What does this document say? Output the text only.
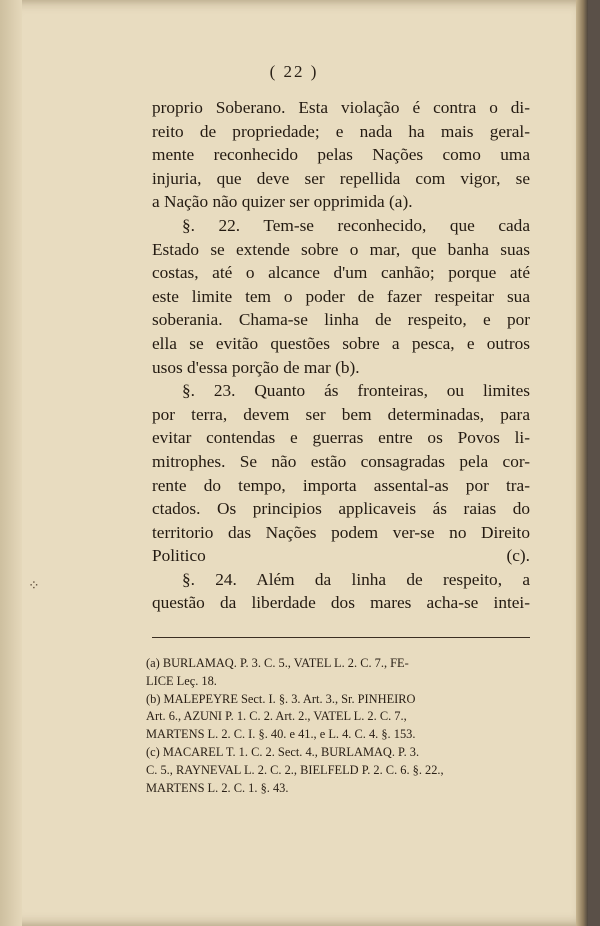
⁘
( 22 )
proprio Soberano. Esta violação é contra o di-
reito de propriedade; e nada ha mais geral-
mente reconhecido pelas Nações como uma
injuria, que deve ser repellida com vigor, se
a Nação não quizer ser opprimida (a).
§. 22. Tem-se reconhecido, que cada
Estado se extende sobre o mar, que banha suas
costas, até o alcance d'um canhão; porque até
este limite tem o poder de fazer respeitar sua
soberania. Chama-se linha de respeito, e por
ella se evitão questões sobre a pesca, e outros
usos d'essa porção de mar (b).
§. 23. Quanto ás fronteiras, ou limites
por terra, devem ser bem determinadas, para
evitar contendas e guerras entre os Povos li-
mitrophes. Se não estão consagradas pela cor-
rente do tempo, importa assental-as por tra-
ctados. Os principios applicaveis ás raias do
territorio das Nações podem ver-se no Direito
Politico (c).
§. 24. Além da linha de respeito, a
questão da liberdade dos mares acha-se intei-
(a) BURLAMAQ. P. 3. C. 5., VATEL L. 2. C. 7., FE-
LICE Leç. 18.
(b) MALEPEYRE Sect. I. §. 3. Art. 3., Sr. PINHEIRO
Art. 6., AZUNI P. 1. C. 2. Art. 2., VATEL L. 2. C. 7.,
MARTENS L. 2. C. I. §. 40. e 41., e L. 4. C. 4. §. 153.
(c) MACAREL T. 1. C. 2. Sect. 4., BURLAMAQ. P. 3.
C. 5., RAYNEVAL L. 2. C. 2., BIELFELD P. 2. C. 6. §. 22.,
MARTENS L. 2. C. 1. §. 43.
